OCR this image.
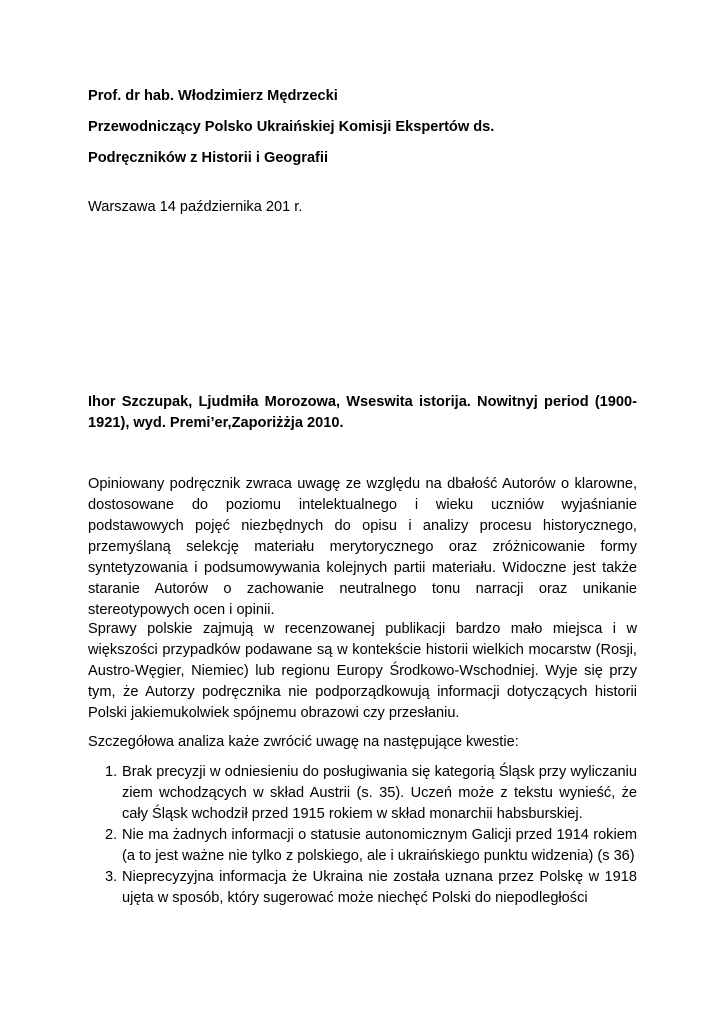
Prof. dr hab. Włodzimierz Mędrzecki
Przewodniczący Polsko Ukraińskiej Komisji Ekspertów ds.
Podręczników z Historii i Geografii
Warszawa 14 października 201 r.
Ihor Szczupak, Ljudmiła Morozowa, Wseswita istorija. Nowitnyj period (1900-1921), wyd. Premi’er,Zaporiżżja 2010.

Opiniowany podręcznik zwraca uwagę ze względu na dbałość Autorów o klarowne, dostosowane do poziomu intelektualnego i wieku uczniów wyjaśnianie podstawowych pojęć niezbędnych do opisu i analizy procesu historycznego, przemyślaną selekcję materiału merytorycznego oraz zróżnicowanie formy syntetyzowania i podsumowywania kolejnych partii materiału. Widoczne jest także staranie Autorów o zachowanie neutralnego tonu narracji oraz unikanie stereotypowych ocen i opinii.

Sprawy polskie zajmują w recenzowanej publikacji bardzo mało miejsca i w większości przypadków podawane są w kontekście historii wielkich mocarstw (Rosji, Austro-Węgier, Niemiec) lub regionu Europy Środkowo-Wschodniej. Wyje się przy tym, że Autorzy podręcznika nie podporządkowują informacji dotyczących historii Polski jakiemukolwiek spójnemu obrazowi czy przesłaniu.

Szczegółowa analiza każe zwrócić uwagę na następujące kwestie:

1. Brak precyzji w odniesieniu do posługiwania się kategorią Śląsk przy wyliczaniu ziem wchodzących w skład Austrii (s. 35). Uczeń może z tekstu wynieść, że cały Śląsk wchodził przed 1915 rokiem w skład monarchii habsburskiej.
2. Nie ma żadnych informacji o statusie autonomicznym Galicji przed 1914 rokiem (a to jest ważne nie tylko z polskiego, ale i ukraińskiego punktu widzenia) (s 36)
3. Nieprecyzyjna informacja że Ukraina nie została uznana przez Polskę w 1918 ujęta w sposób, który sugerować może niechęć Polski do niepodległości
